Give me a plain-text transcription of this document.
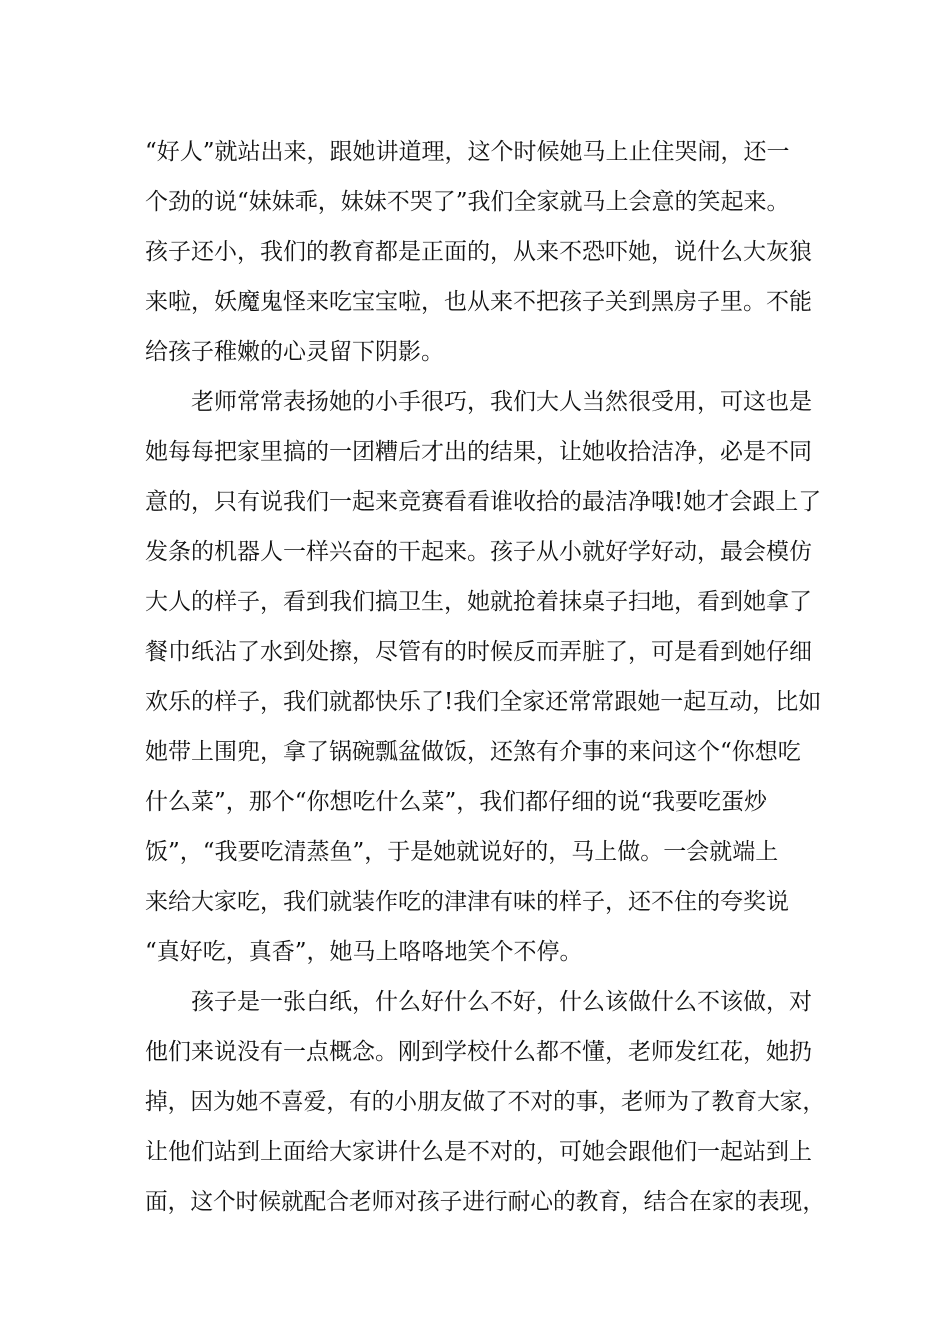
“好人”就站出来，跟她讲道理，这个时候她马上止住哭闹，还一
个劲的说“妹妹乖，妹妹不哭了”我们全家就马上会意的笑起来。
孩子还小，我们的教育都是正面的，从来不恐吓她，说什么大灰狼
来啦，妖魔鬼怪来吃宝宝啦，也从来不把孩子关到黑房子里。不能
给孩子稚嫩的心灵留下阴影。
老师常常表扬她的小手很巧，我们大人当然很受用，可这也是
她每每把家里搞的一团糟后才出的结果，让她收拾洁净，必是不同
意的，只有说我们一起来竞赛看看谁收拾的最洁净哦!她才会跟上了
发条的机器人一样兴奋的干起来。孩子从小就好学好动，最会模仿
大人的样子，看到我们搞卫生，她就抢着抹桌子扫地，看到她拿了
餐巾纸沾了水到处擦，尽管有的时候反而弄脏了，可是看到她仔细
欢乐的样子，我们就都快乐了!我们全家还常常跟她一起互动，比如
她带上围兜，拿了锅碗瓢盆做饭，还煞有介事的来问这个“你想吃
什么菜”，那个“你想吃什么菜”，我们都仔细的说“我要吃蛋炒
饭”，“我要吃清蒸鱼”，于是她就说好的，马上做。一会就端上
来给大家吃，我们就装作吃的津津有味的样子，还不住的夸奖说
“真好吃，真香”，她马上咯咯地笑个不停。
孩子是一张白纸，什么好什么不好，什么该做什么不该做，对
他们来说没有一点概念。刚到学校什么都不懂，老师发红花，她扔
掉，因为她不喜爱，有的小朋友做了不对的事，老师为了教育大家，
让他们站到上面给大家讲什么是不对的，可她会跟他们一起站到上
面，这个时候就配合老师对孩子进行耐心的教育，结合在家的表现，
